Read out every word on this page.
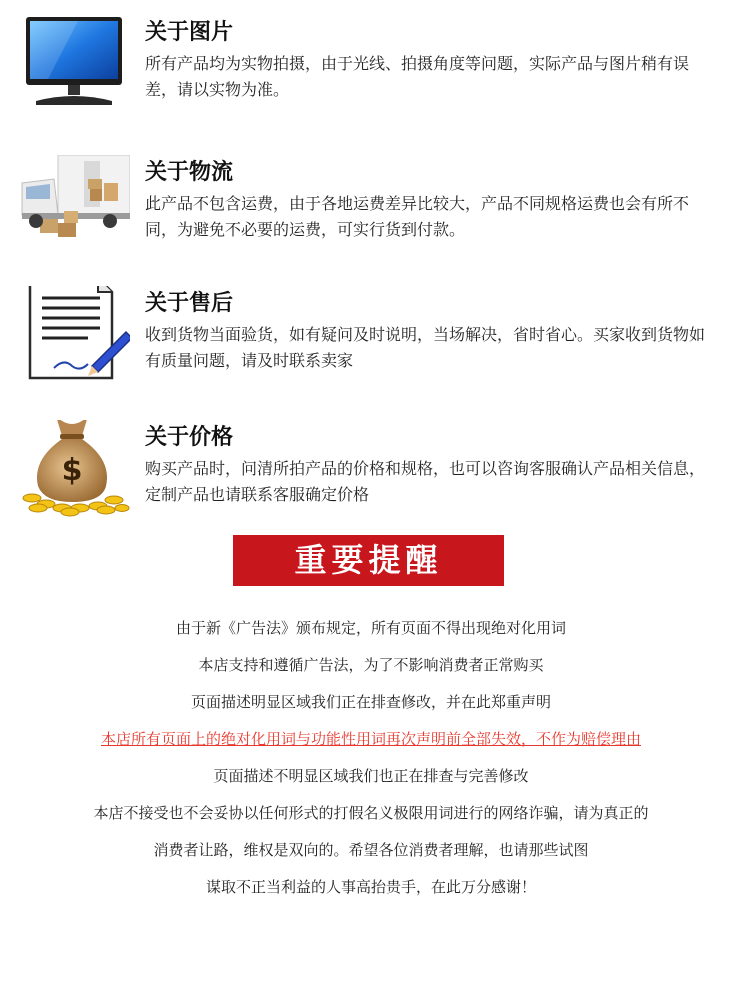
关于图片
所有产品均为实物拍摄，由于光线、拍摄角度等问题，实际产品与图片稍有误差，请以实物为准。
关于物流
此产品不包含运费，由于各地运费差异比较大，产品不同规格运费也会有所不同，为避免不必要的运费，可实行货到付款。
关于售后
收到货物当面验货，如有疑问及时说明，当场解决，省时省心。买家收到货物如有质量问题，请及时联系卖家
$
关于价格
购买产品时，问清所拍产品的价格和规格，也可以咨询客服确认产品相关信息，定制产品也请联系客服确定价格
重要提醒
由于新《广告法》颁布规定，所有页面不得出现绝对化用词
本店支持和遵循广告法，为了不影响消费者正常购买
页面描述明显区域我们正在排查修改，并在此郑重声明
本店所有页面上的绝对化用词与功能性用词再次声明前全部失效，不作为赔偿理由
页面描述不明显区域我们也正在排查与完善修改
本店不接受也不会妥协以任何形式的打假名义极限用词进行的网络诈骗，请为真正的
消费者让路，维权是双向的。希望各位消费者理解，也请那些试图
谋取不正当利益的人事高抬贵手，在此万分感谢！
